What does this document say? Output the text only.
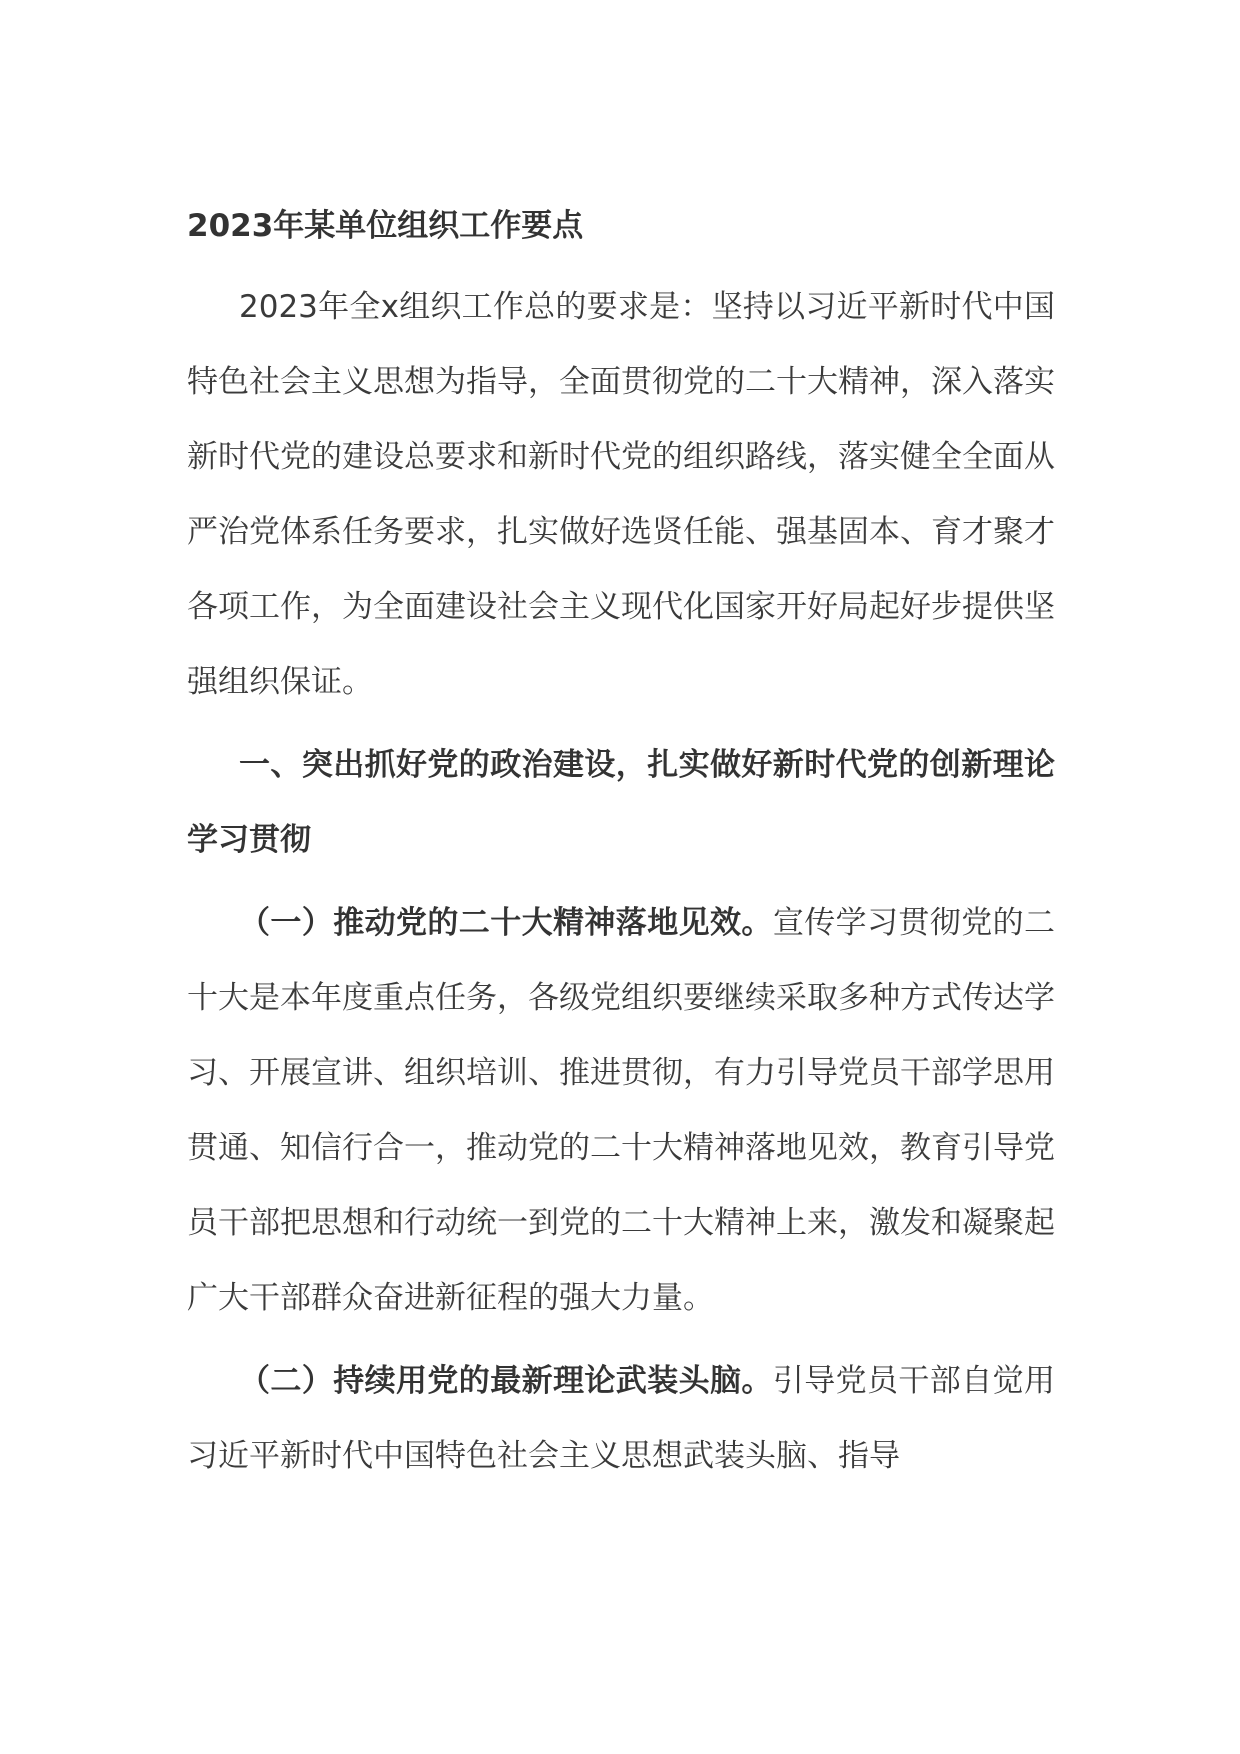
2023年某单位组织工作要点

2023年全x组织工作总的要求是：坚持以习近平新时代中国特色社会主义思想为指导，全面贯彻党的二十大精神，深入落实新时代党的建设总要求和新时代党的组织路线，落实健全全面从严治党体系任务要求，扎实做好选贤任能、强基固本、育才聚才各项工作，为全面建设社会主义现代化国家开好局起好步提供坚强组织保证。

一、突出抓好党的政治建设，扎实做好新时代党的创新理论学习贯彻

（一）推动党的二十大精神落地见效。宣传学习贯彻党的二十大是本年度重点任务，各级党组织要继续采取多种方式传达学习、开展宣讲、组织培训、推进贯彻，有力引导党员干部学思用贯通、知信行合一，推动党的二十大精神落地见效，教育引导党员干部把思想和行动统一到党的二十大精神上来，激发和凝聚起广大干部群众奋进新征程的强大力量。

（二）持续用党的最新理论武装头脑。引导党员干部自觉用习近平新时代中国特色社会主义思想武装头脑、指导
